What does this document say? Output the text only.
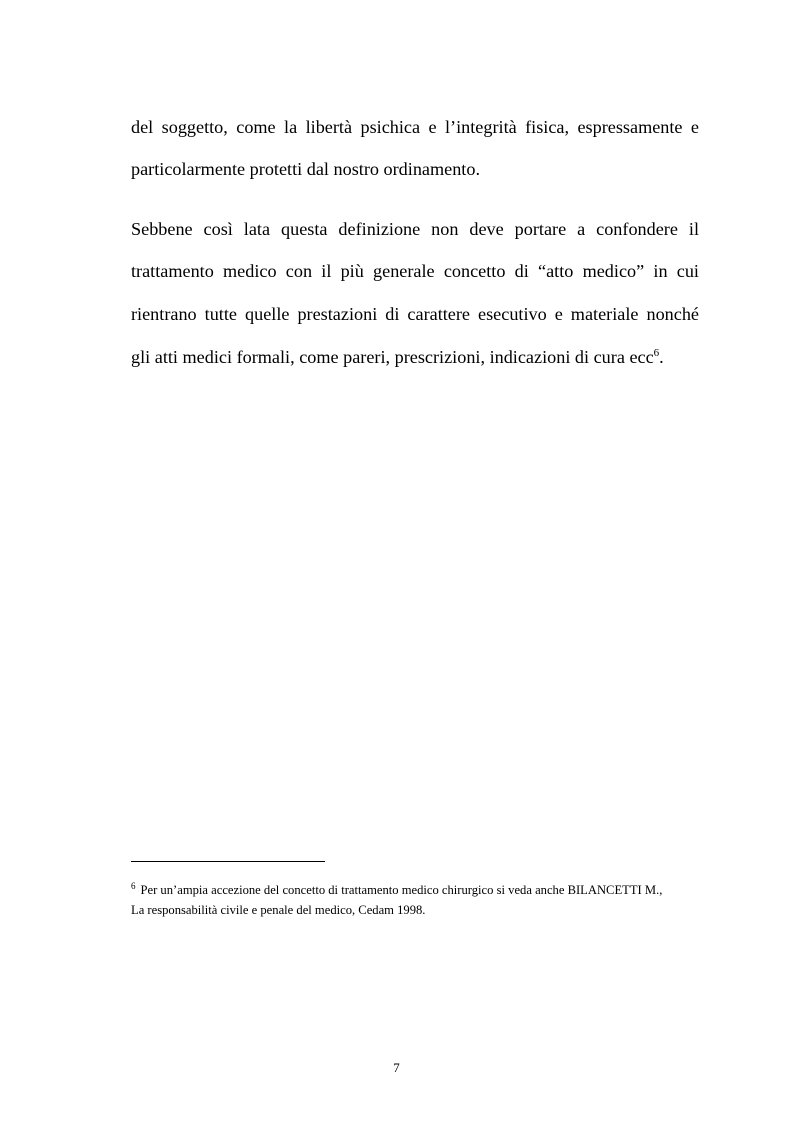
del soggetto, come la libertà psichica e l’integrità fisica, espressamente e
particolarmente protetti dal nostro ordinamento.
Sebbene così lata questa definizione non deve portare a confondere il
trattamento medico con il più generale concetto di “atto medico” in cui
rientrano tutte quelle prestazioni di carattere esecutivo e materiale nonché
gli atti medici formali, come pareri, prescrizioni, indicazioni di cura ecc$^6$.
$^6$ Per un’ampia accezione del concetto di trattamento medico chirurgico si veda anche BILANCETTI M.,
La responsabilità civile e penale del medico, Cedam 1998.
7
